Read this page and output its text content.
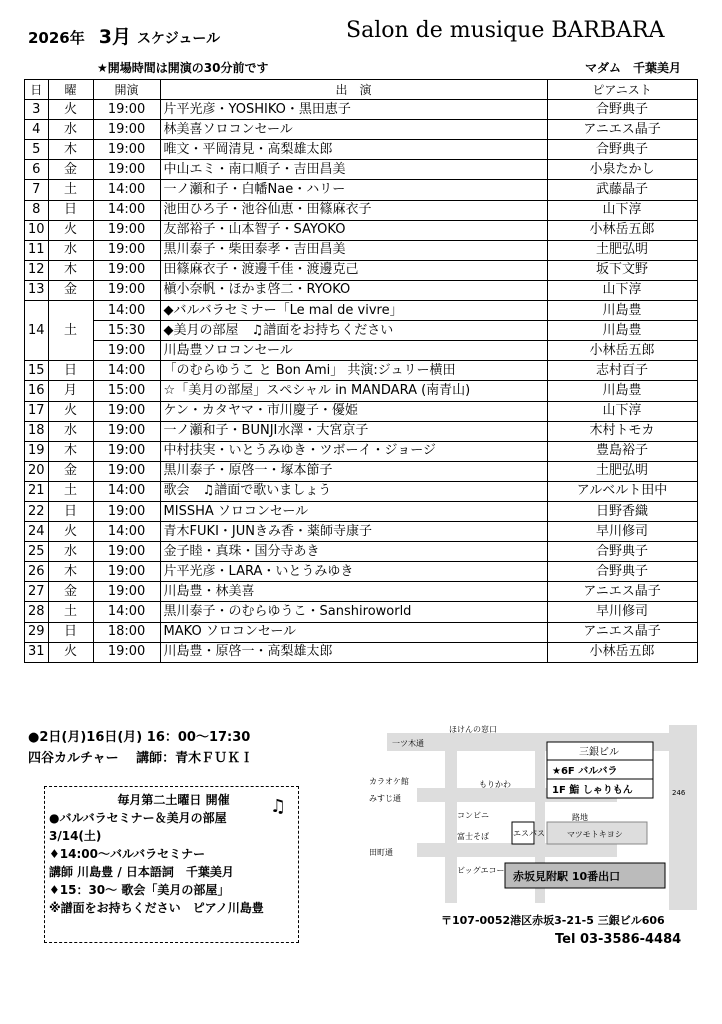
2026年 3月 スケジュール	Salon de musique BARBARA
★開場時間は開演の30分前です	マダム　千葉美月
日	曜	開演	出　演	ピアニスト
3	火	19:00	片平光彦・YOSHIKO・黒田恵子	合野典子
4	水	19:00	林美喜ソロコンセール	アニエス晶子
5	木	19:00	唯文・平岡清見・高梨雄太郎	合野典子
6	金	19:00	中山エミ・南口順子・吉田昌美	小泉たかし
7	土	14:00	一ノ瀬和子・白幡Nae・ハリー	武藤晶子
8	日	14:00	池田ひろ子・池谷仙恵・田篠麻衣子	山下淳
10	火	19:00	友部裕子・山本智子・SAYOKO	小林岳五郎
11	水	19:00	黒川泰子・柴田泰孝・吉田昌美	土肥弘明
12	木	19:00	田篠麻衣子・渡邊千佳・渡邊克己	坂下文野
13	金	19:00	槇小奈帆・ほかま啓二・RYOKO	山下淳
14	土	14:00	◆バルバラセミナー「Le mal de vivre」	川島豊
		15:30	◆美月の部屋　♫譜面をお持ちください	川島豊
		19:00	川島豊ソロコンセール	小林岳五郎
15	日	14:00	「のむらゆうこ と Bon Ami」 共演:ジュリー横田	志村百子
16	月	15:00	☆「美月の部屋」スペシャル in MANDARA (南青山)	川島豊
17	火	19:00	ケン・カタヤマ・市川慶子・優姫	山下淳
18	水	19:00	一ノ瀬和子・BUNJI水澤・大宮京子	木村トモカ
19	木	19:00	中村扶実・いとうみゆき・ツボーイ・ジョージ	豊島裕子
20	金	19:00	黒川泰子・原啓一・塚本節子	土肥弘明
21	土	14:00	歌会　♫譜面で歌いましょう	アルベルト田中
22	日	19:00	MISSHA ソロコンセール	日野香織
24	火	14:00	青木FUKI・JUNきみ香・薬師寺康子	早川修司
25	水	19:00	金子睦・真珠・国分寺あき	合野典子
26	木	19:00	片平光彦・LARA・いとうみゆき	合野典子
27	金	19:00	川島豊・林美喜	アニエス晶子
28	土	14:00	黒川泰子・のむらゆうこ・Sanshiroworld	早川修司
29	日	18:00	MAKO ソロコンセール	アニエス晶子
31	火	19:00	川島豊・原啓一・高梨雄太郎	小林岳五郎
●2日(月)16日(月) 16：00～17:30
四谷カルチャー　 講師：青木ＦＵＫＩ
毎月第二土曜日 開催
●バルバラセミナー＆美月の部屋
3/14(土)
♦14:00～バルバラセミナー
講師 川島豊 / 日本語詞　千葉美月
♦15：30～ 歌会「美月の部屋」
※譜面をお持ちください　ピアノ川島豊
♫
ほけんの窓口
一ツ木通
カラオケ館
みすじ通
田町通
もりかわ
コンビニ
富士そば
ビッグエコー
エスパス	マツモトキヨシ
路地
三銀ビル
★6F バルバラ
1F 鮨 しゃりもん	246
赤坂見附駅 10番出口
〒107-0052港区赤坂3-21-5 三銀ビル606
Tel 03-3586-4484
